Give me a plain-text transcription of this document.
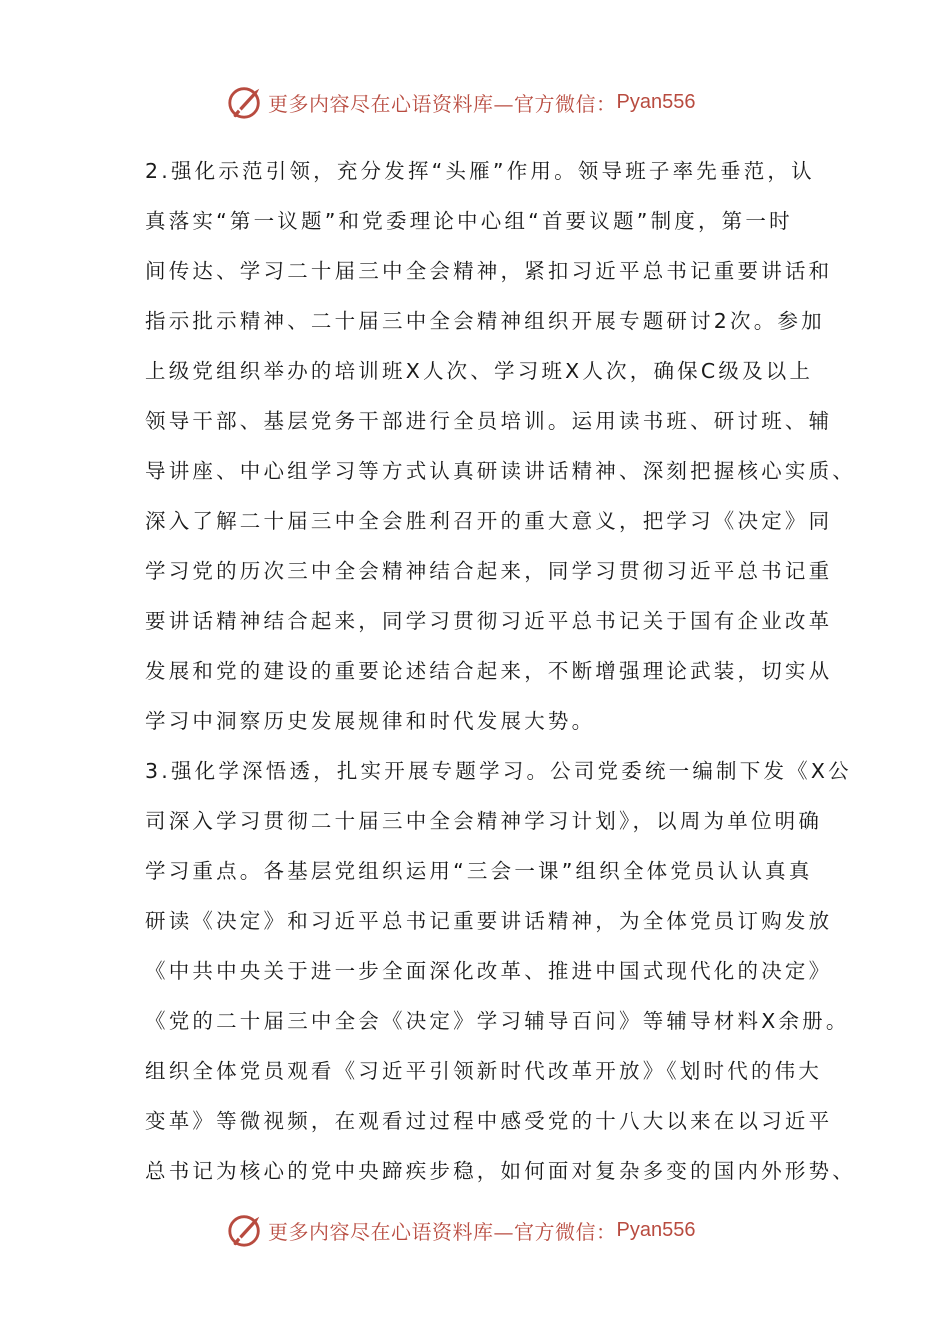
更多内容尽在心语资料库—官方微信： Pyan556
2.强化示范引领，充分发挥“头雁”作用。领导班子率先垂范，认
真落实“第一议题”和党委理论中心组“首要议题”制度，第一时
间传达、学习二十届三中全会精神，紧扣习近平总书记重要讲话和
指示批示精神、二十届三中全会精神组织开展专题研讨2次。参加
上级党组织举办的培训班X人次、学习班X人次，确保C级及以上
领导干部、基层党务干部进行全员培训。运用读书班、研讨班、辅
导讲座、中心组学习等方式认真研读讲话精神、深刻把握核心实质、
深入了解二十届三中全会胜利召开的重大意义，把学习《决定》同
学习党的历次三中全会精神结合起来，同学习贯彻习近平总书记重
要讲话精神结合起来，同学习贯彻习近平总书记关于国有企业改革
发展和党的建设的重要论述结合起来，不断增强理论武装，切实从
学习中洞察历史发展规律和时代发展大势。
3.强化学深悟透，扎实开展专题学习。公司党委统一编制下发《X公
司深入学习贯彻二十届三中全会精神学习计划》，以周为单位明确
学习重点。各基层党组织运用“三会一课”组织全体党员认认真真
研读《决定》和习近平总书记重要讲话精神，为全体党员订购发放
《中共中央关于进一步全面深化改革、推进中国式现代化的决定》
《党的二十届三中全会《决定》学习辅导百问》等辅导材料X余册。
组织全体党员观看《习近平引领新时代改革开放》《划时代的伟大
变革》等微视频，在观看过过程中感受党的十八大以来在以习近平
总书记为核心的党中央蹄疾步稳，如何面对复杂多变的国内外形势、
更多内容尽在心语资料库—官方微信： Pyan556
